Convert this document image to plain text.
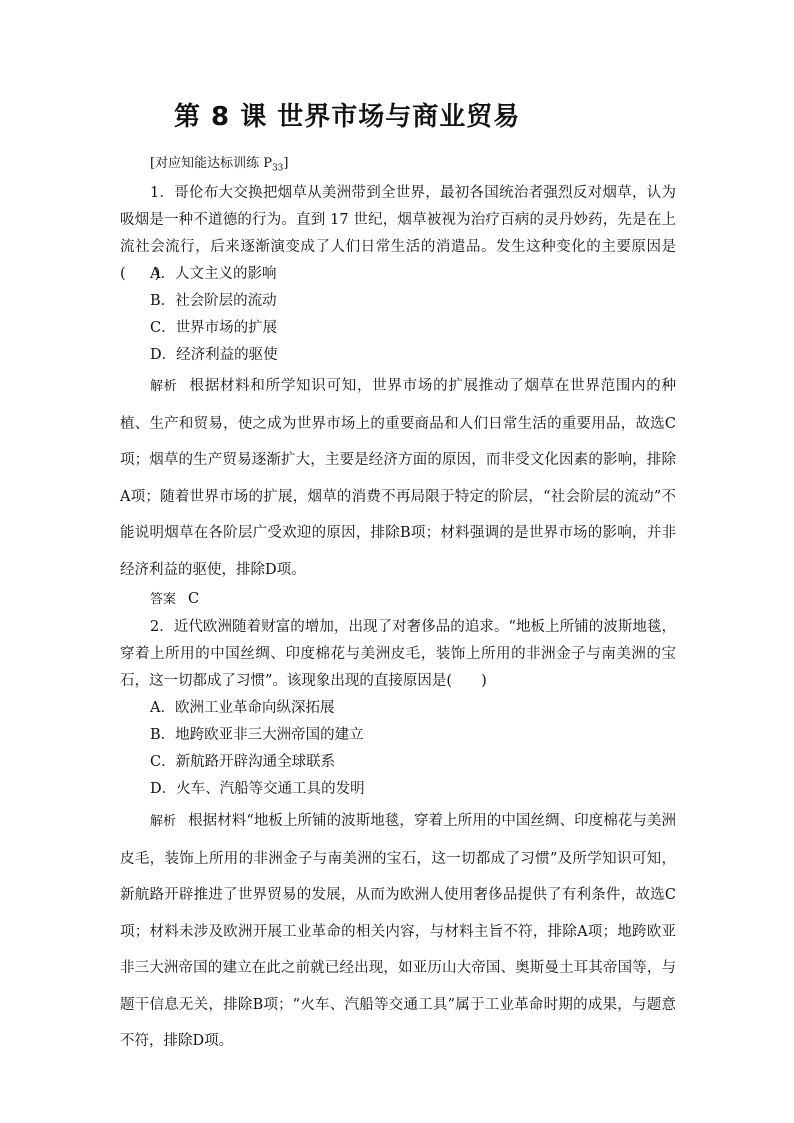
第 8 课 世界市场与商业贸易
[对应知能达标训练 $P_{33}$]
1．哥伦布大交换把烟草从美洲带到全世界，最初各国统治者强烈反对烟草，认为吸烟是一种不道德的行为。直到 17 世纪，烟草被视为治疗百病的灵丹妙药，先是在上流社会流行，后来逐渐演变成了人们日常生活的消遣品。发生这种变化的主要原因是(　　)
A．人文主义的影响
B．社会阶层的流动
C．世界市场的扩展
D．经济利益的驱使
解析 根据材料和所学知识可知，世界市场的扩展推动了烟草在世界范围内的种植、生产和贸易，使之成为世界市场上的重要商品和人们日常生活的重要用品，故选C项；烟草的生产贸易逐渐扩大，主要是经济方面的原因，而非受文化因素的影响，排除A项；随着世界市场的扩展，烟草的消费不再局限于特定的阶层，“社会阶层的流动”不能说明烟草在各阶层广受欢迎的原因，排除B项；材料强调的是世界市场的影响，并非经济利益的驱使，排除D项。
答案 C
2．近代欧洲随着财富的增加，出现了对奢侈品的追求。“地板上所铺的波斯地毯，穿着上所用的中国丝绸、印度棉花与美洲皮毛，装饰上所用的非洲金子与南美洲的宝石，这一切都成了习惯”。该现象出现的直接原因是(　　)
A．欧洲工业革命向纵深拓展
B．地跨欧亚非三大洲帝国的建立
C．新航路开辟沟通全球联系
D．火车、汽船等交通工具的发明
解析 根据材料“地板上所铺的波斯地毯，穿着上所用的中国丝绸、印度棉花与美洲皮毛，装饰上所用的非洲金子与南美洲的宝石，这一切都成了习惯”及所学知识可知，新航路开辟推进了世界贸易的发展，从而为欧洲人使用奢侈品提供了有利条件，故选C项；材料未涉及欧洲开展工业革命的相关内容，与材料主旨不符，排除A项；地跨欧亚非三大洲帝国的建立在此之前就已经出现，如亚历山大帝国、奥斯曼土耳其帝国等，与题干信息无关，排除B项；“火车、汽船等交通工具”属于工业革命时期的成果，与题意不符，排除D项。
